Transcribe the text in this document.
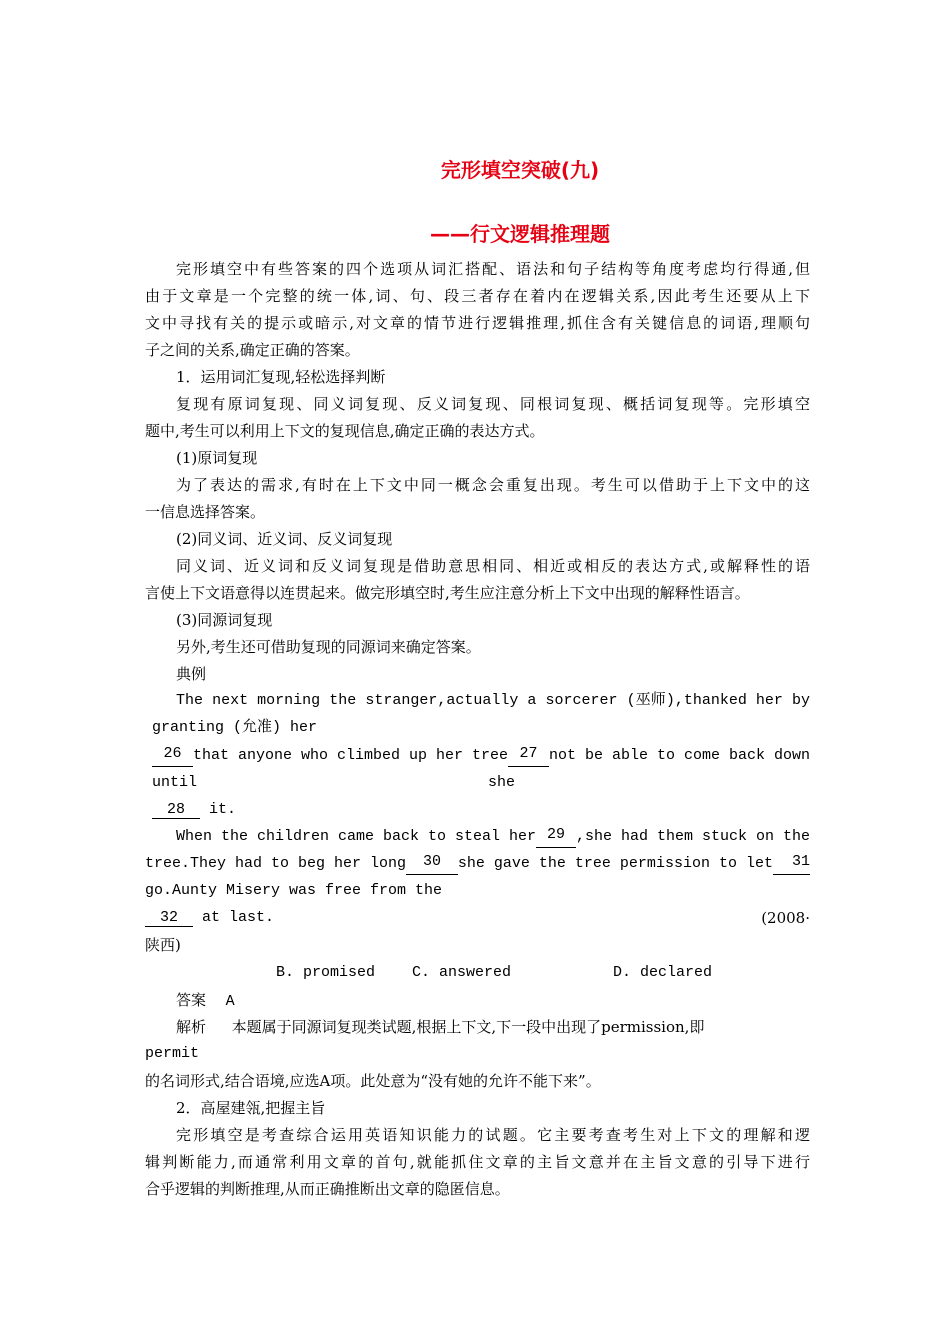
完形填空突破(九)
——行文逻辑推理题
完形填空中有些答案的四个选项从词汇搭配、语法和句子结构等角度考虑均行得通,但
由于文章是一个完整的统一体,词、句、段三者存在着内在逻辑关系,因此考生还要从上下
文中寻找有关的提示或暗示,对文章的情节进行逻辑推理,抓住含有关键信息的词语,理顺句
子之间的关系,确定正确的答案。
1．运用词汇复现,轻松选择判断
复现有原词复现、同义词复现、反义词复现、同根词复现、概括词复现等。完形填空
题中,考生可以利用上下文的复现信息,确定正确的表达方式。
(1)原词复现
为了表达的需求,有时在上下文中同一概念会重复出现。考生可以借助于上下文中的这
一信息选择答案。
(2)同义词、近义词、反义词复现
同义词、近义词和反义词复现是借助意思相同、相近或相反的表达方式,或解释性的语
言使上下文语意得以连贯起来。做完形填空时,考生应注意分析上下文中出现的解释性语言。
(3)同源词复现
另外,考生还可借助复现的同源词来确定答案。
典例
The next morning the stranger,actually a sorcerer (巫师),thanked her by
granting (允准) her
26 that anyone who climbed up her tree 27 not be able to come back down
until	she
28 it.
When the children came back to steal her 29 ,she had them stuck on the
tree.They had to beg her long	30	she gave the tree permission to let	31
go.Aunty Misery was free from the
32 at last.	(2008·
陕西)
B. promised	C. answered	D. declared
答案 A
解析 本题属于同源词复现类试题,根据上下文,下一段中出现了permission,即
permit
的名词形式,结合语境,应选A项。此处意为“没有她的允许不能下来”。
2．高屋建瓴,把握主旨
完形填空是考查综合运用英语知识能力的试题。它主要考查考生对上下文的理解和逻
辑判断能力,而通常利用文章的首句,就能抓住文章的主旨文意并在主旨文意的引导下进行
合乎逻辑的判断推理,从而正确推断出文章的隐匿信息。
